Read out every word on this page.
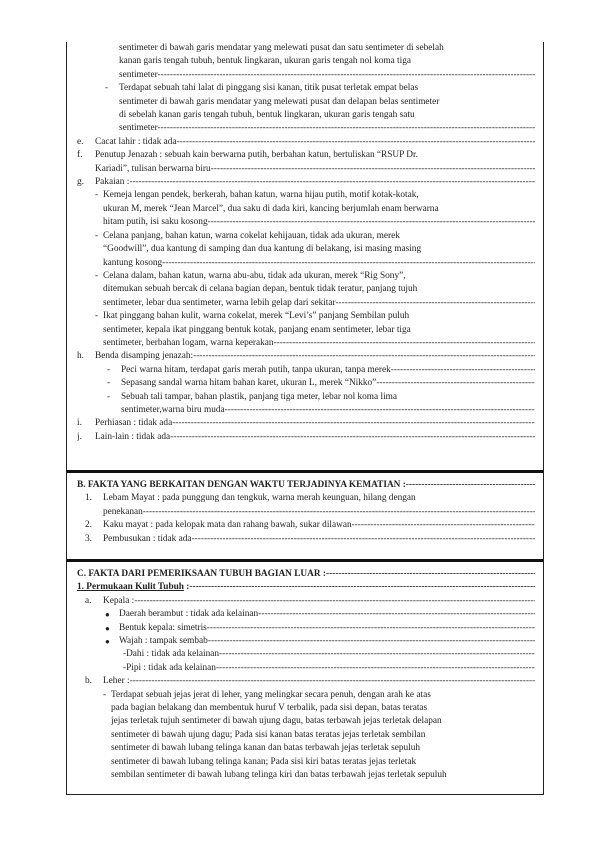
sentimeter di bawah garis mendatar yang melewati pusat dan satu sentimeter di sebelah
kanan garis tengah tubuh, bentuk lingkaran, ukuran garis tengah nol koma tiga
sentimeter -----
-	Terdapat sebuah tahi lalat di pinggang sisi kanan, titik pusat terletak empat belas
sentimeter di bawah garis mendatar yang melewati pusat dan delapan belas sentimeter
di sebelah kanan garis tengah tubuh, bentuk lingkaran, ukuran garis tengah satu
sentimeter -----
e.	Cacat lahir : tidak ada -----
f.	Penutup Jenazah : sebuah kain berwarna putih, berbahan katun, bertuliskan “RSUP Dr.
Kariadi”, tulisan berwarna biru -----
g.	Pakaian : -----
- Kemeja lengan pendek, berkerah, bahan katun, warna hijau putih, motif kotak-kotak,
ukuran M, merek “Jean Marcel”, dua saku di dada kiri, kancing berjumlah enam berwarna
hitam putih, isi saku kosong -----
- Celana panjang, bahan katun, warna cokelat kehijauan, tidak ada ukuran, merek
“Goodwill”, dua kantung di samping dan dua kantung di belakang, isi masing masing
kantung kosong -----
- Celana dalam, bahan katun, warna abu-abu, tidak ada ukuran, merek “Rig Sony”,
ditemukan sebuah bercak di celana bagian depan, bentuk tidak teratur, panjang tujuh
sentimeter, lebar dua sentimeter, warna lebih gelap dari sekitar -----
- Ikat pinggang bahan kulit, warna cokelat, merek “Levi’s” panjang Sembilan puluh
sentimeter, kepala ikat pinggang bentuk kotak, panjang enam sentimeter, lebar tiga
sentimeter, berbahan logam, warna keperakan -----
h.	Benda disamping jenazah: -----
-	Peci warna hitam, terdapat garis merah putih, tanpa ukuran, tanpa merek -----
-	Sepasang sandal warna hitam bahan karet, ukuran L, merek “Nikko” -----
-	Sebuah tali tampar, bahan plastik, panjang tiga meter, lebar nol koma lima
sentimeter,warna biru muda -----
i.	Perhiasan : tidak ada -----
j.	Lain-lain : tidak ada -----
B. FAKTA YANG BERKAITAN DENGAN WAKTU TERJADINYA KEMATIAN : -----
1.	Lebam Mayat : pada punggung dan tengkuk, warna merah keunguan, hilang dengan
penekanan -----
2.	Kaku mayat : pada kelopak mata dan rahang bawah, sukar dilawan -----
3.	Pembusukan : tidak ada -----
C. FAKTA DARI PEMERIKSAAN TUBUH BAGIAN LUAR : -----
1. Permukaan Kulit Tubuh : -----
a.	Kepala : -----
● Daerah berambut : tidak ada kelainan -----
● Bentuk kepala: simetris -----
● Wajah : tampak sembab -----
-Dahi : tidak ada kelainan -----
-Pipi : tidak ada kelainan -----
b.	Leher : -----
- Terdapat sebuah jejas jerat di leher, yang melingkar secara penuh, dengan arah ke atas
pada bagian belakang dan membentuk huruf V terbalik, pada sisi depan, batas teratas
jejas terletak tujuh sentimeter di bawah ujung dagu, batas terbawah jejas terletak delapan
sentimeter di bawah ujung dagu; Pada sisi kanan batas teratas jejas terletak sembilan
sentimeter di bawah lubang telinga kanan dan batas terbawah jejas terletak sepuluh
sentimeter di bawah lubang telinga kanan; Pada sisi kiri batas teratas jejas terletak
sembilan sentimeter di bawah lubang telinga kiri dan batas terbawah jejas terletak sepuluh
